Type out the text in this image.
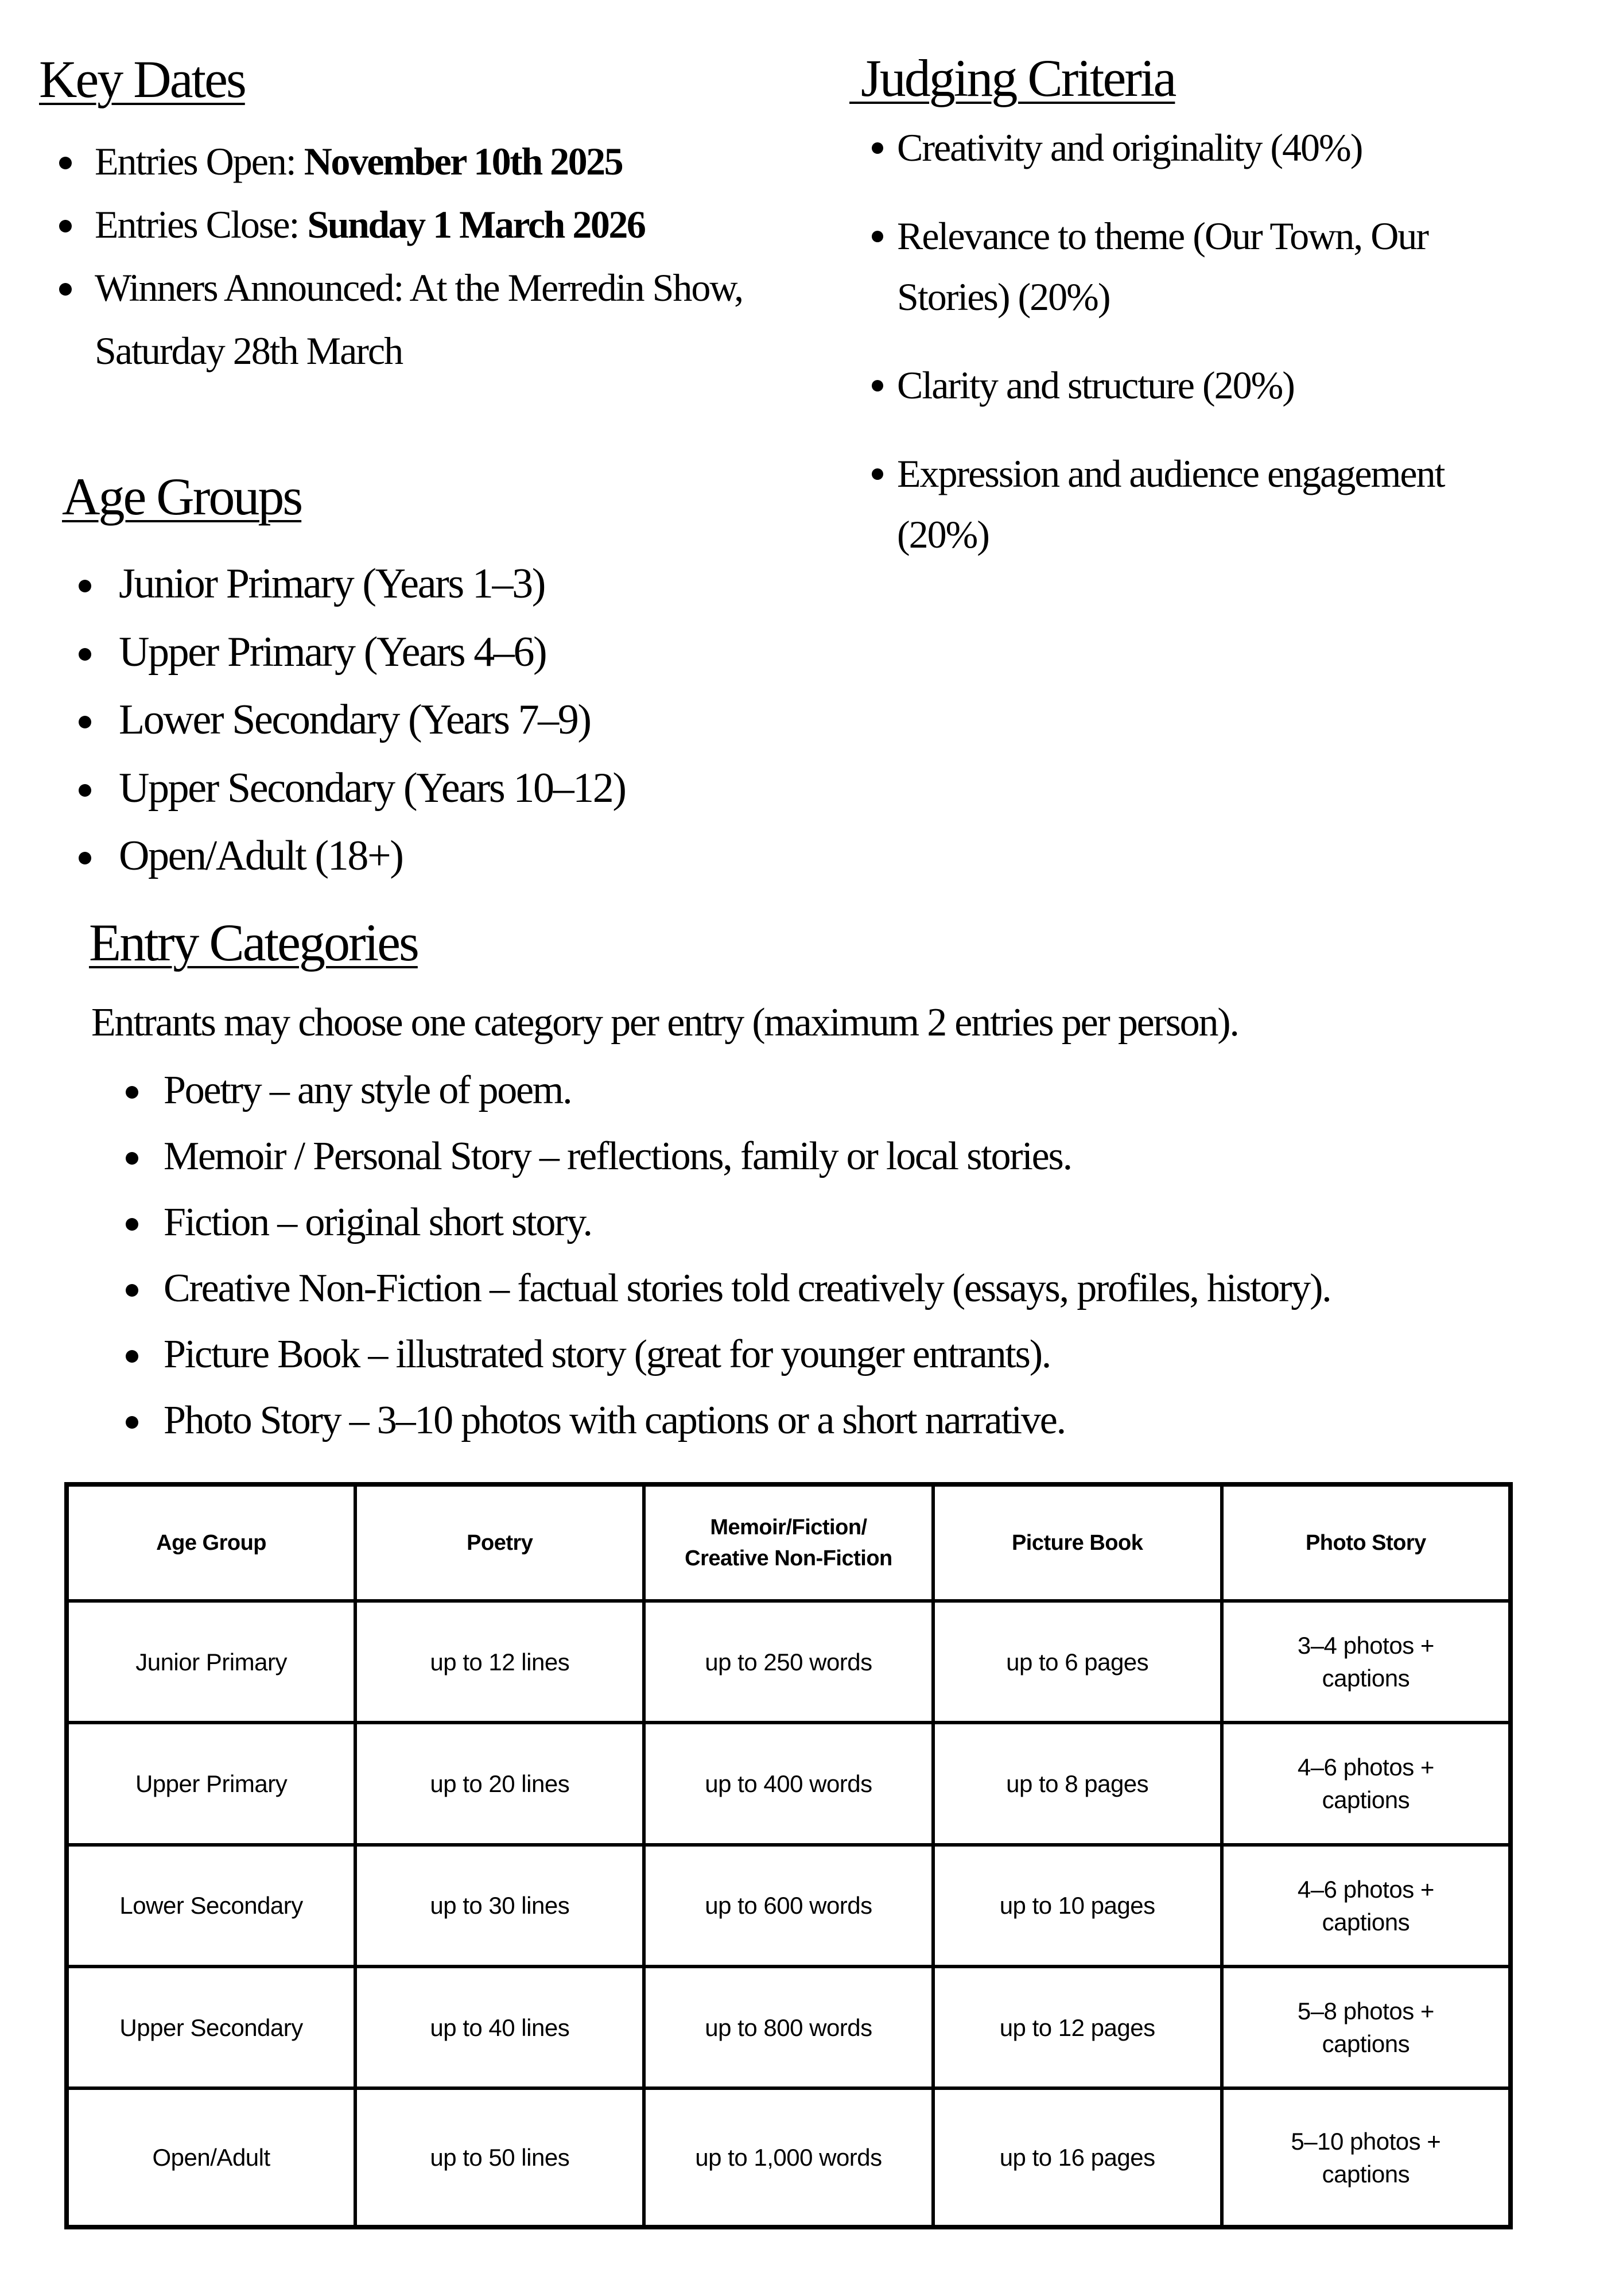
Key Dates
Entries Open: November 10th 2025
Entries Close: Sunday 1 March 2026
Winners Announced: At the Merredin Show, Saturday 28th March
Judging Criteria
Creativity and originality (40%)
Relevance to theme (Our Town, Our Stories) (20%)
Clarity and structure (20%)
Expression and audience engagement (20%)
Age Groups
Junior Primary (Years 1–3)
Upper Primary (Years 4–6)
Lower Secondary (Years 7–9)
Upper Secondary (Years 10–12)
Open/Adult (18+)
Entry Categories

Entrants may choose one category per entry (maximum 2 entries per person).

Poetry – any style of poem.
Memoir / Personal Story – reflections, family or local stories.
Fiction – original short story.
Creative Non-Fiction – factual stories told creatively (essays, profiles, history).
Picture Book – illustrated story (great for younger entrants).
Photo Story – 3–10 photos with captions or a short narrative.
Age Group	Poetry	Memoir/Fiction/
Creative Non-Fiction	Picture Book	Photo Story

Junior Primary	up to 12 lines	up to 250 words	up to 6 pages	3–4 photos +
captions

Upper Primary	up to 20 lines	up to 400 words	up to 8 pages	4–6 photos +
captions

Lower Secondary	up to 30 lines	up to 600 words	up to 10 pages	4–6 photos +
captions

Upper Secondary	up to 40 lines	up to 800 words	up to 12 pages	5–8 photos +
captions

Open/Adult	up to 50 lines	up to 1,000 words	up to 16 pages	5–10 photos +
captions
